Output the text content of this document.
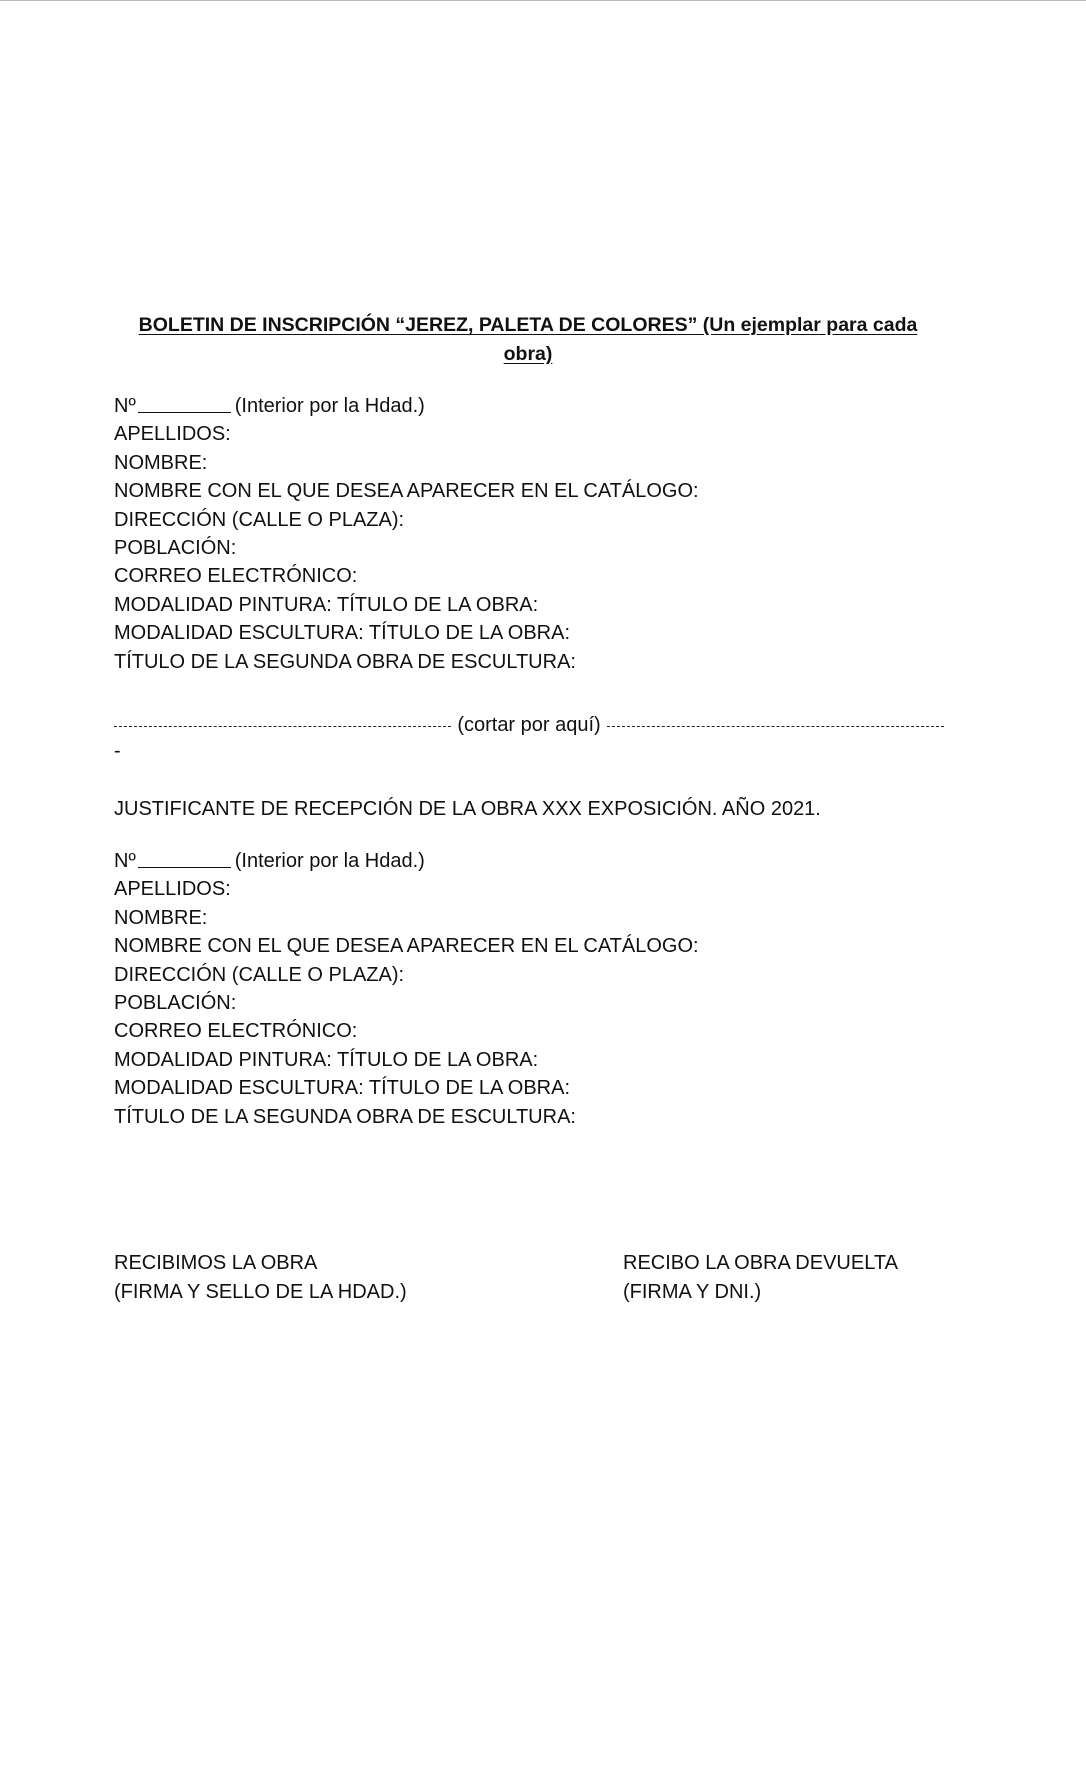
BOLETIN DE INSCRIPCIÓN “JEREZ, PALETA DE COLORES” (Un ejemplar para cada
obra)
Nº	(Interior por la Hdad.)
APELLIDOS:
NOMBRE:
NOMBRE CON EL QUE DESEA APARECER EN EL CATÁLOGO:
DIRECCIÓN (CALLE O PLAZA):
POBLACIÓN:
CORREO ELECTRÓNICO:
MODALIDAD PINTURA: TÍTULO DE LA OBRA:
MODALIDAD ESCULTURA: TÍTULO DE LA OBRA:
TÍTULO DE LA SEGUNDA OBRA DE ESCULTURA:
(cortar por aquí)
-
JUSTIFICANTE DE RECEPCIÓN DE LA OBRA XXX EXPOSICIÓN. AÑO 2021.
Nº	(Interior por la Hdad.)
APELLIDOS:
NOMBRE:
NOMBRE CON EL QUE DESEA APARECER EN EL CATÁLOGO:
DIRECCIÓN (CALLE O PLAZA):
POBLACIÓN:
CORREO ELECTRÓNICO:
MODALIDAD PINTURA: TÍTULO DE LA OBRA:
MODALIDAD ESCULTURA: TÍTULO DE LA OBRA:
TÍTULO DE LA SEGUNDA OBRA DE ESCULTURA:
RECIBIMOS LA OBRA
(FIRMA Y SELLO DE LA HDAD.)
RECIBO LA OBRA DEVUELTA
(FIRMA Y DNI.)
